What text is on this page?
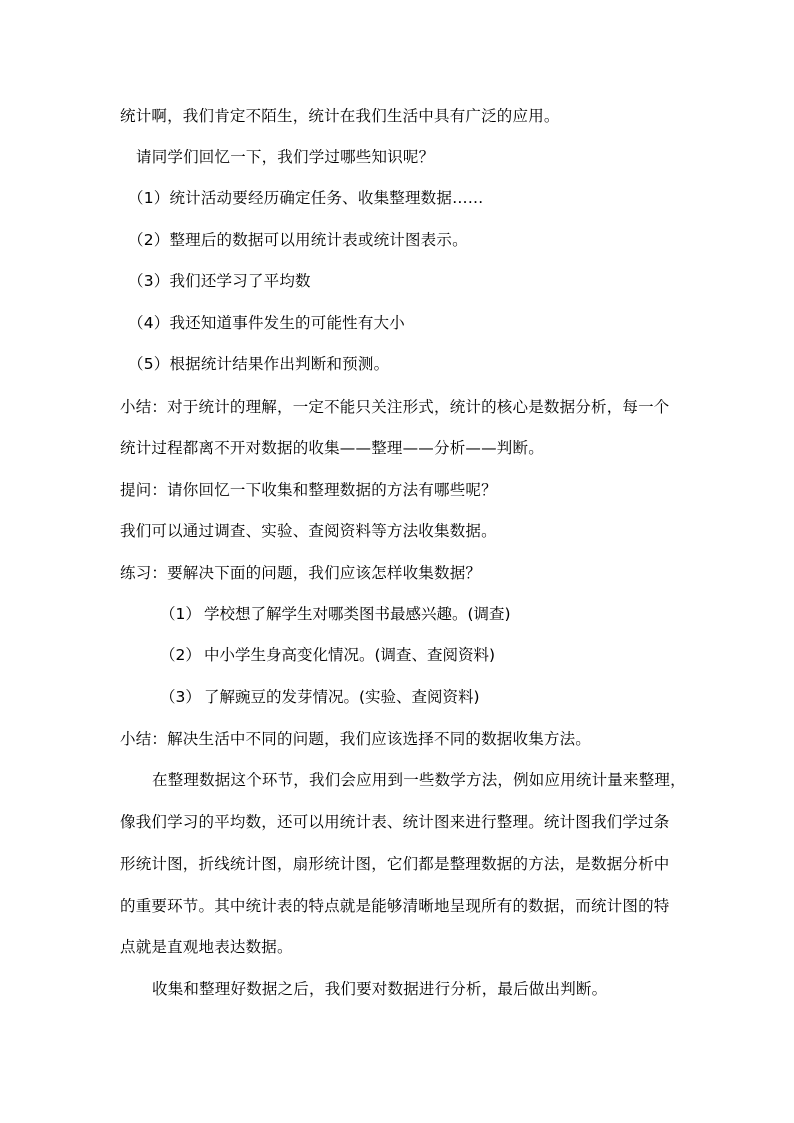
统计啊，我们肯定不陌生，统计在我们生活中具有广泛的应用。
请同学们回忆一下，我们学过哪些知识呢？
（1）统计活动要经历确定任务、收集整理数据……
（2）整理后的数据可以用统计表或统计图表示。
（3）我们还学习了平均数
（4）我还知道事件发生的可能性有大小
（5）根据统计结果作出判断和预测。
小结：对于统计的理解，一定不能只关注形式，统计的核心是数据分析，每一个
统计过程都离不开对数据的收集——整理——分析——判断。
提问：请你回忆一下收集和整理数据的方法有哪些呢？
我们可以通过调查、实验、查阅资料等方法收集数据。
练习：要解决下面的问题，我们应该怎样收集数据？
（1） 学校想了解学生对哪类图书最感兴趣。(调查)
（2） 中小学生身高变化情况。(调查、查阅资料)
（3） 了解豌豆的发芽情况。(实验、查阅资料)
小结：解决生活中不同的问题，我们应该选择不同的数据收集方法。
在整理数据这个环节，我们会应用到一些数学方法，例如应用统计量来整理，
像我们学习的平均数，还可以用统计表、统计图来进行整理。统计图我们学过条
形统计图，折线统计图，扇形统计图，它们都是整理数据的方法，是数据分析中
的重要环节。其中统计表的特点就是能够清晰地呈现所有的数据，而统计图的特
点就是直观地表达数据。
收集和整理好数据之后，我们要对数据进行分析，最后做出判断。
